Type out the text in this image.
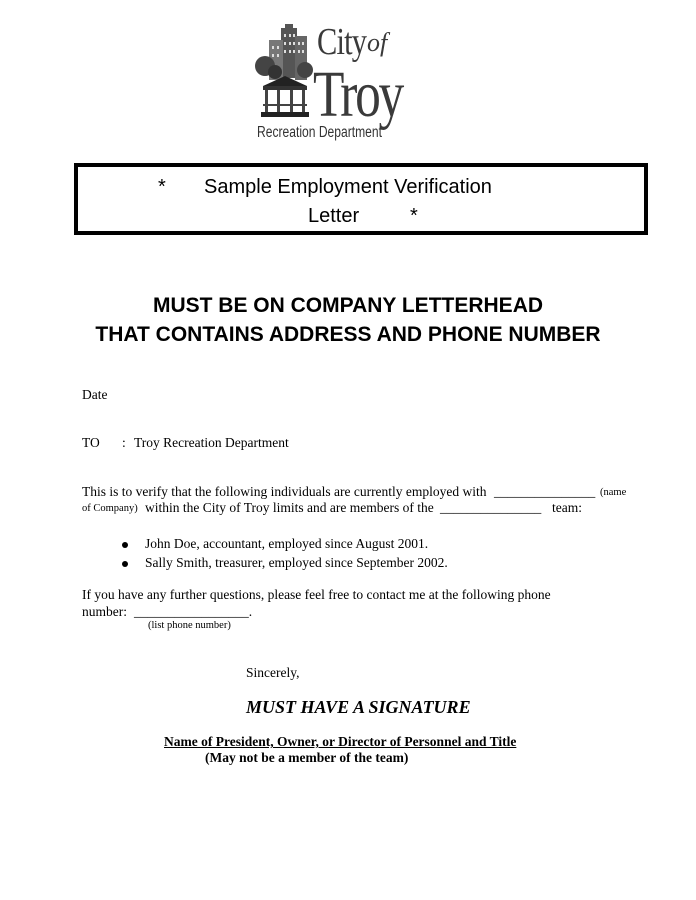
City of
Troy
Recreation Department
* Sample Employment Verification
Letter	*
MUST BE ON COMPANY LETTERHEAD
THAT CONTAINS ADDRESS AND PHONE NUMBER
Date
TO : Troy Recreation Department
This is to verify that the following individuals are currently employed with _______________ (name
of Company) within the City of Troy limits and are members of the _______________ team:
John Doe, accountant, employed since August 2001.
Sally Smith, treasurer, employed since September 2002.
If you have any further questions, please feel free to contact me at the following phone
number: _________________.
(list phone number)
Sincerely,
MUST HAVE A SIGNATURE
Name of President, Owner, or Director of Personnel and Title
(May not be a member of the team)
